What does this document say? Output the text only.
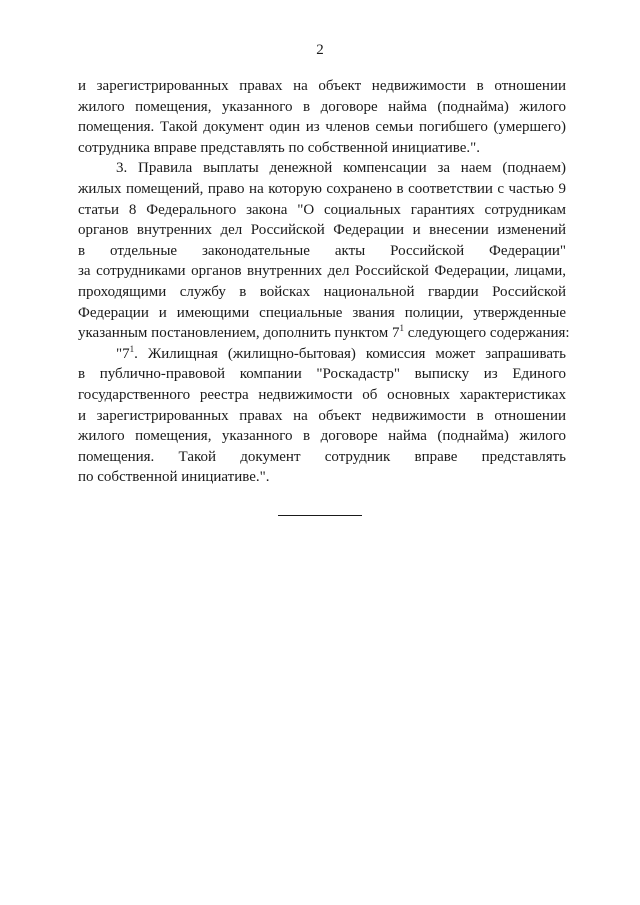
2
и зарегистрированных правах на объект недвижимости в отношении
жилого помещения, указанного в договоре найма (поднайма) жилого
помещения. Такой документ один из членов семьи погибшего (умершего)
сотрудника вправе представлять по собственной инициативе.".
3. Правила выплаты денежной компенсации за наем (поднаем)
жилых помещений, право на которую сохранено в соответствии с частью 9
статьи 8 Федерального закона "О социальных гарантиях сотрудникам
органов внутренних дел Российской Федерации и внесении изменений
в отдельные законодательные акты Российской Федерации"
за сотрудниками органов внутренних дел Российской Федерации, лицами,
проходящими службу в войсках национальной гвардии Российской
Федерации и имеющими специальные звания полиции, утвержденные
указанным постановлением, дополнить пунктом 7$^1$ следующего содержания:
"7$^1$. Жилищная (жилищно-бытовая) комиссия может запрашивать
в публично-правовой компании "Роскадастр" выписку из Единого
государственного реестра недвижимости об основных характеристиках
и зарегистрированных правах на объект недвижимости в отношении
жилого помещения, указанного в договоре найма (поднайма) жилого
помещения. Такой документ сотрудник вправе представлять
по собственной инициативе.".
